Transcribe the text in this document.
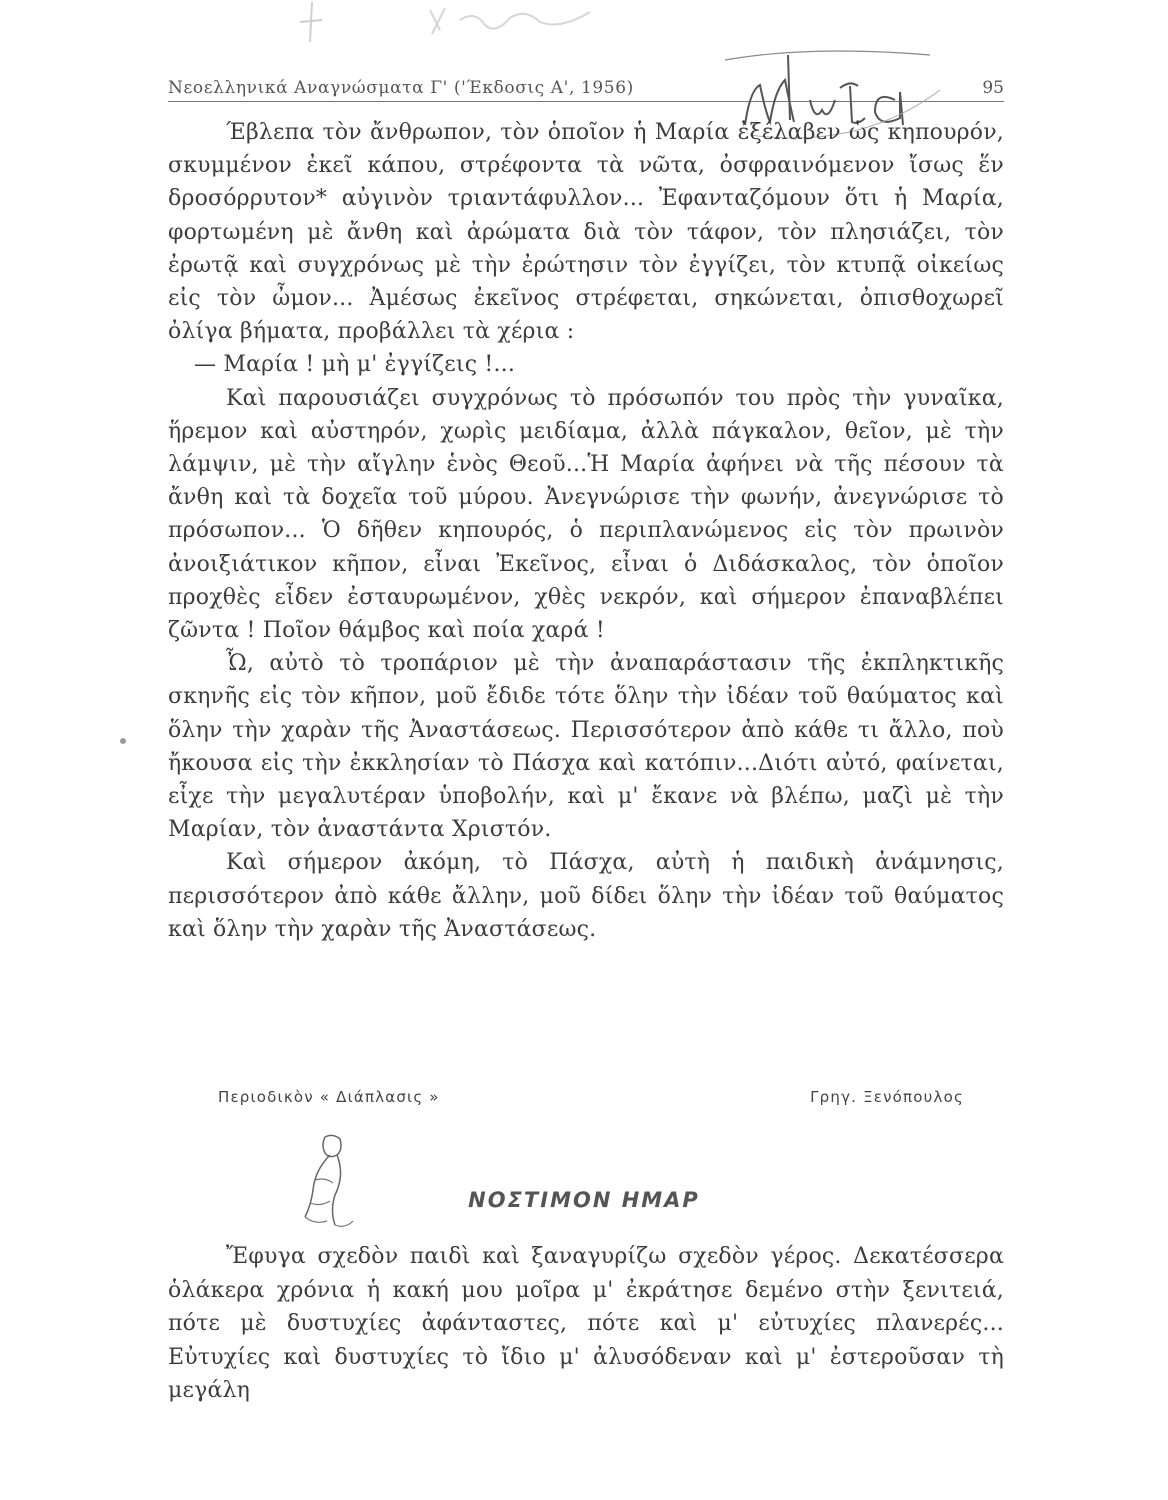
Νεοελληνικά Αναγνώσματα Γ' ('Έκδοσις Α', 1956)	95
Μιτα

Έβλεπα τὸν ἄνθρωπον, τὸν ὁποῖον ἡ Μαρία ἐξέλαβεν ὡς κηπουρόν, σκυμμένον ἐκεῖ κάπου, στρέφοντα τὰ νῶτα, ὀσφραινόμενον ἴσως ἕν δροσόρρυτον* αὐγινὸν τριαντάφυλλον... Ἐφανταζόμουν ὅτι ἡ Μαρία, φορτωμένη μὲ ἄνθη καὶ ἀρώματα διὰ τὸν τάφον, τὸν πλησιάζει, τὸν ἐρωτᾷ καὶ συγχρόνως μὲ τὴν ἐρώτησιν τὸν ἐγγίζει, τὸν κτυπᾷ οἰκείως εἰς τὸν ὦμον... Ἀμέσως ἐκεῖνος στρέφεται, σηκώνεται, ὀπισθοχωρεῖ ὀλίγα βήματα, προβάλλει τὰ χέρια :

— Μαρία ! μὴ μ' ἐγγίζεις !...

Καὶ παρουσιάζει συγχρόνως τὸ πρόσωπόν του πρὸς τὴν γυναῖκα, ἥρεμον καὶ αὐστηρόν, χωρὶς μειδίαμα, ἀλλὰ πάγκαλον, θεῖον, μὲ τὴν λάμψιν, μὲ τὴν αἴγλην ἑνὸς Θεοῦ...Ἡ Μαρία ἀφήνει νὰ τῆς πέσουν τὰ ἄνθη καὶ τὰ δοχεῖα τοῦ μύρου. Ἀνεγνώρισε τὴν φωνήν, ἀνεγνώρισε τὸ πρόσωπον... Ὁ δῆθεν κηπουρός, ὁ περιπλανώμενος εἰς τὸν πρωινὸν ἀνοιξιάτικον κῆπον, εἶναι Ἐκεῖνος, εἶναι ὁ Διδάσκαλος, τὸν ὁποῖον προχθὲς εἶδεν ἐσταυρωμένον, χθὲς νεκρόν, καὶ σήμερον ἐπαναβλέπει ζῶντα ! Ποῖον θάμβος καὶ ποία χαρά !

Ὦ, αὐτὸ τὸ τροπάριον μὲ τὴν ἀναπαράστασιν τῆς ἐκπληκτικῆς σκηνῆς εἰς τὸν κῆπον, μοῦ ἔδιδε τότε ὅλην τὴν ἰδέαν τοῦ θαύματος καὶ ὅλην τὴν χαρὰν τῆς Ἀναστάσεως. Περισσότερον ἀπὸ κάθε τι ἄλλο, ποὺ ἤκουσα εἰς τὴν ἐκκλησίαν τὸ Πάσχα καὶ κατόπιν...Διότι αὐτό, φαίνεται, εἶχε τὴν μεγαλυτέραν ὑποβολήν, καὶ μ' ἔκανε νὰ βλέπω, μαζὶ μὲ τὴν Μαρίαν, τὸν ἀναστάντα Χριστόν.

Καὶ σήμερον ἀκόμη, τὸ Πάσχα, αὐτὴ ἡ παιδικὴ ἀνάμνησις, περισσότερον ἀπὸ κάθε ἄλλην, μοῦ δίδει ὅλην τὴν ἰδέαν τοῦ θαύματος καὶ ὅλην τὴν χαρὰν τῆς Ἀναστάσεως.

Περιοδικὸν « Διάπλασις »	Γρηγ. Ξενόπουλος
ΝΟΣΤΙΜΟΝ ΗΜΑΡ

Ἔφυγα σχεδὸν παιδὶ καὶ ξαναγυρίζω σχεδὸν γέρος. Δεκατέσσερα ὁλάκερα χρόνια ἡ κακή μου μοῖρα μ' ἐκράτησε δεμένο στὴν ξενιτειά, πότε μὲ δυστυχίες ἀφάνταστες, πότε καὶ μ' εὐτυχίες πλανερές... Εὐτυχίες καὶ δυστυχίες τὸ ἴδιο μ' ἀλυσόδεναν καὶ μ' ἐστεροῦσαν τὴ μεγάλη
